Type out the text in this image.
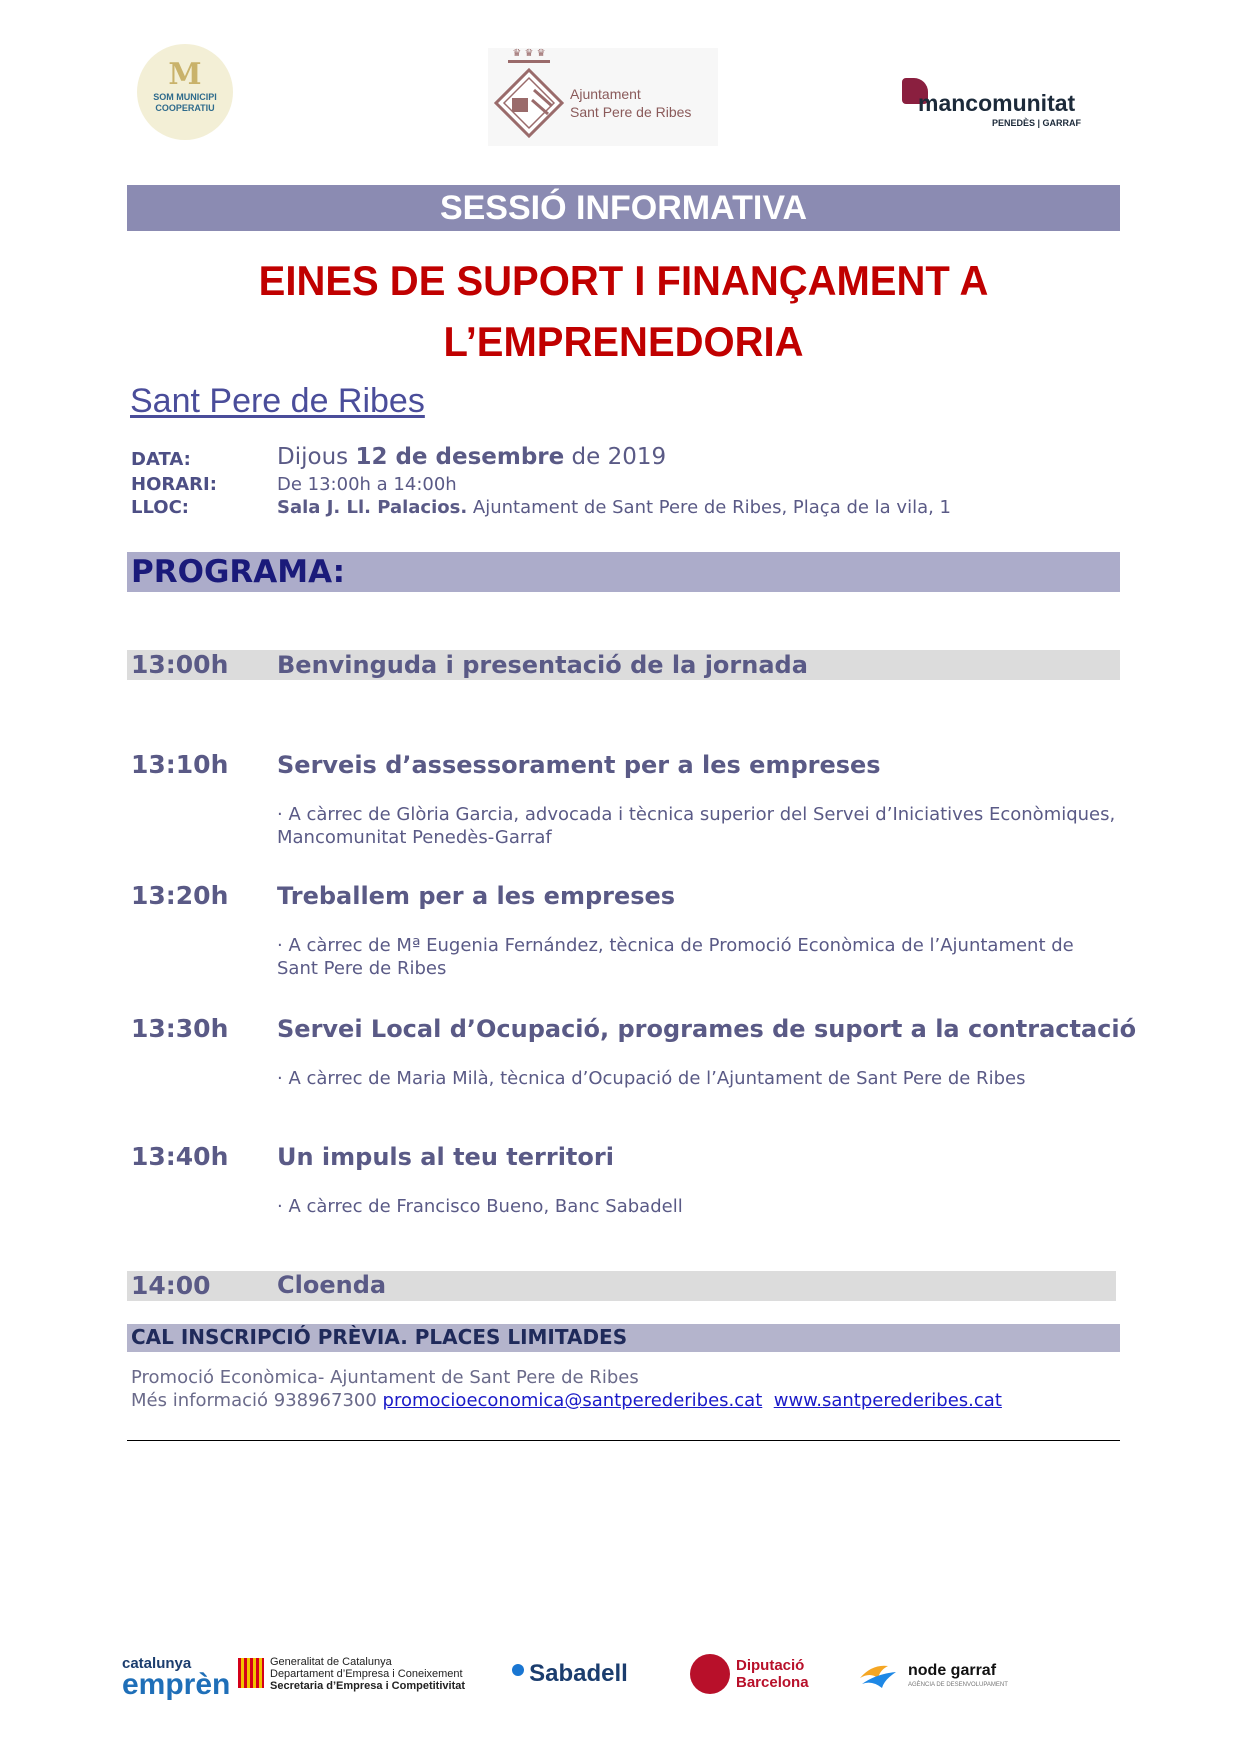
M
SOM MUNICIPI
COOPERATIU
♛ ♛ ♛
Ajuntament
Sant Pere de Ribes	mancomunitat
PENEDÈS | GARRAF
SESSIÓ INFORMATIVA
EINES DE SUPORT I FINANÇAMENT A
L’EMPRENEDORIA
Sant Pere de Ribes
DATA:	Dijous 12 de desembre de 2019
HORARI:	De 13:00h a 14:00h
LLOC:	Sala J. Ll. Palacios. Ajuntament de Sant Pere de Ribes, Plaça de la vila, 1
PROGRAMA:
13:00h Benvinguda i presentació de la jornada
13:10h Serveis d’assessorament per a les empreses
· A càrrec de Glòria Garcia, advocada i tècnica superior del Servei d’Iniciatives Econòmiques, Mancomunitat Penedès-Garraf
13:20h Treballem per a les empreses
· A càrrec de Mª Eugenia Fernández, tècnica de Promoció Econòmica de l’Ajuntament de Sant Pere de Ribes
13:30h Servei Local d’Ocupació, programes de suport a la contractació
· A càrrec de Maria Milà, tècnica d’Ocupació de l’Ajuntament de Sant Pere de Ribes
13:40h Un impuls al teu territori
· A càrrec de Francisco Bueno, Banc Sabadell
14:00	Cloenda
CAL INSCRIPCIÓ PRÈVIA. PLACES LIMITADES
Promoció Econòmica- Ajuntament de Sant Pere de Ribes
Més informació 938967300 promocioeconomica@santperederibes.cat www.santperederibes.cat
catalunya
emprèn
Generalitat de Catalunya
Departament d’Empresa i Coneixement
Secretaria d’Empresa i Competitivitat	Sabadell	Diputació
Barcelona
node garraf
AGÈNCIA DE DESENVOLUPAMENT
